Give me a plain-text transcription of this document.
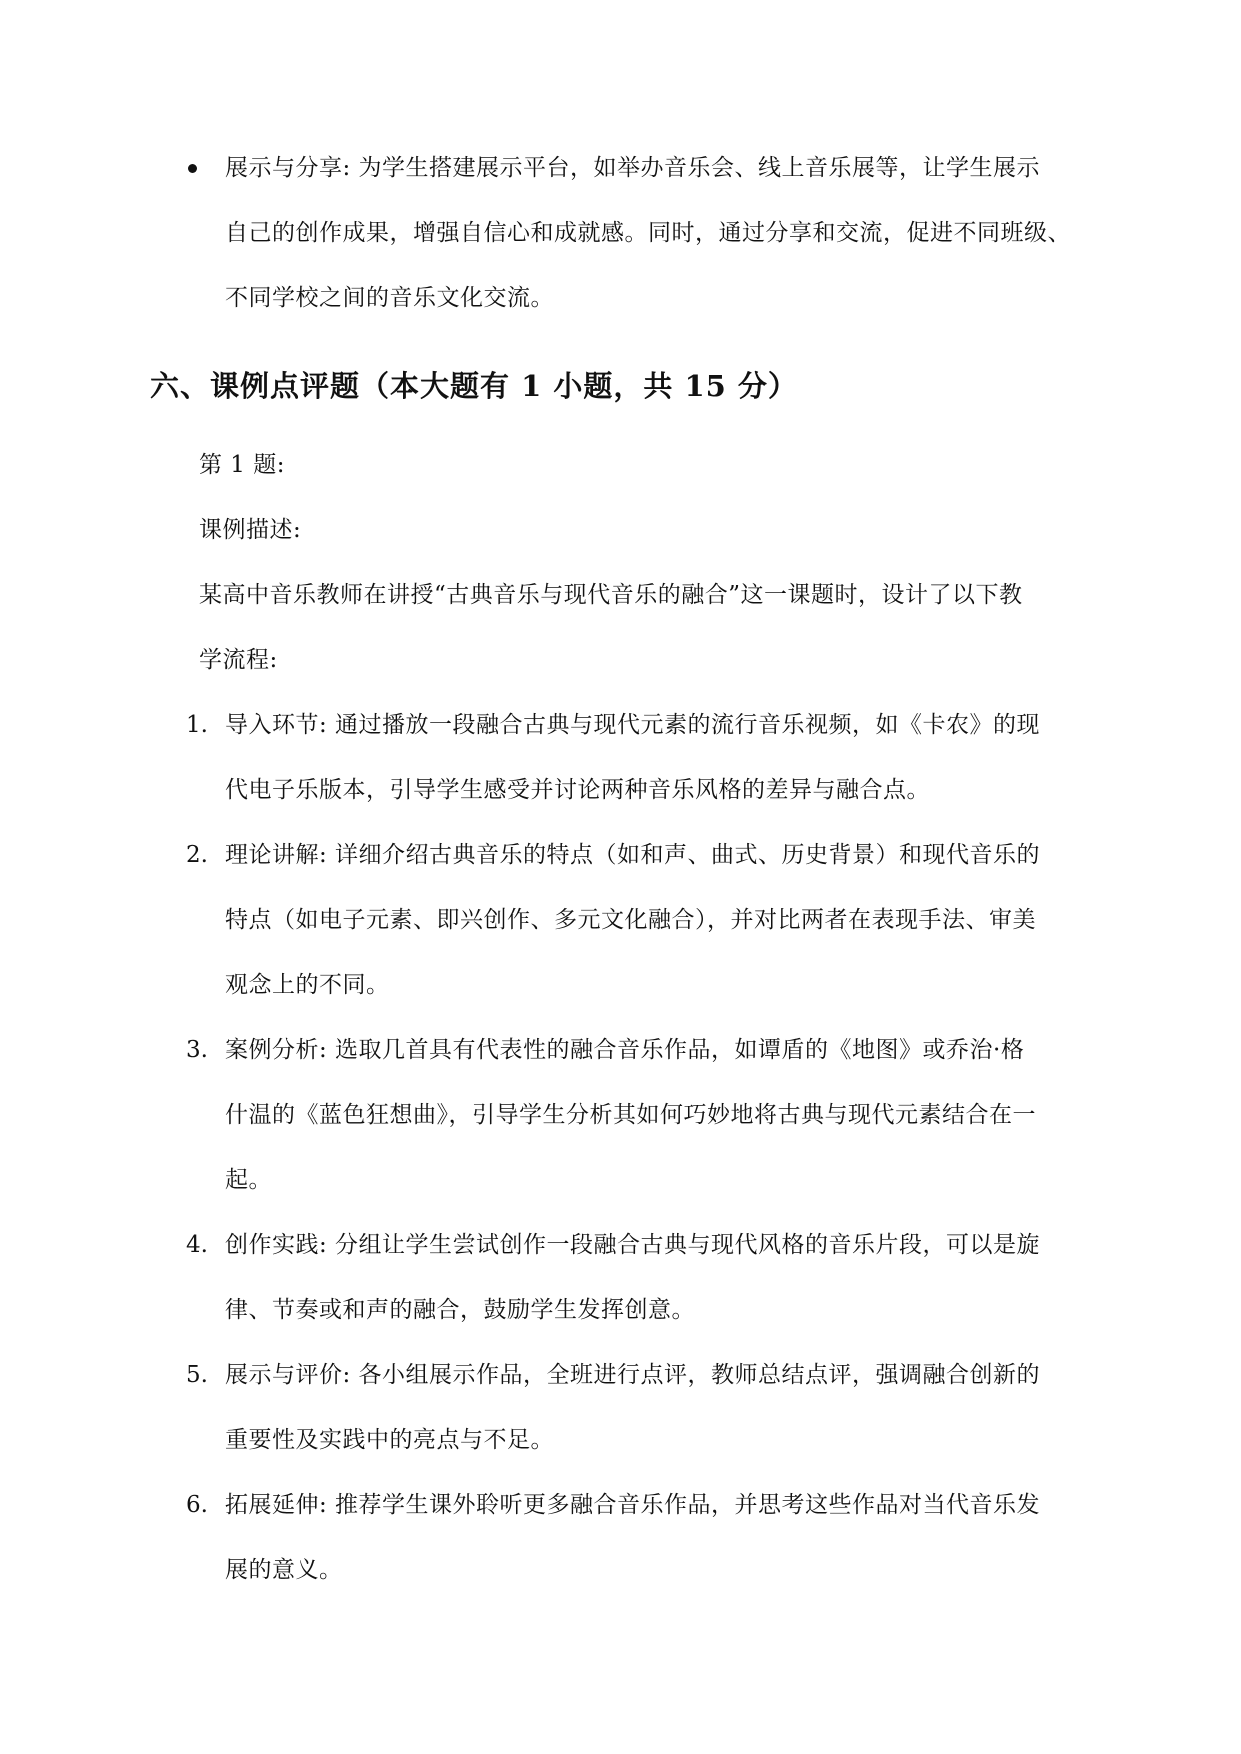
展示与分享: 为学生搭建展示平台，如举办音乐会、线上音乐展等，让学生展示
自己的创作成果，增强自信心和成就感。同时，通过分享和交流，促进不同班级、
不同学校之间的音乐文化交流。
六、课例点评题（本大题有 1 小题，共 15 分）
第 1 题:
课例描述:
某高中音乐教师在讲授“古典音乐与现代音乐的融合”这一课题时，设计了以下教
学流程:
1. 导入环节: 通过播放一段融合古典与现代元素的流行音乐视频，如《卡农》的现
代电子乐版本，引导学生感受并讨论两种音乐风格的差异与融合点。
2. 理论讲解: 详细介绍古典音乐的特点（如和声、曲式、历史背景）和现代音乐的
特点（如电子元素、即兴创作、多元文化融合），并对比两者在表现手法、审美
观念上的不同。
3. 案例分析: 选取几首具有代表性的融合音乐作品，如谭盾的《地图》或乔治·格
什温的《蓝色狂想曲》，引导学生分析其如何巧妙地将古典与现代元素结合在一
起。
4. 创作实践: 分组让学生尝试创作一段融合古典与现代风格的音乐片段，可以是旋
律、节奏或和声的融合，鼓励学生发挥创意。
5. 展示与评价: 各小组展示作品，全班进行点评，教师总结点评，强调融合创新的
重要性及实践中的亮点与不足。
6. 拓展延伸: 推荐学生课外聆听更多融合音乐作品，并思考这些作品对当代音乐发
展的意义。
